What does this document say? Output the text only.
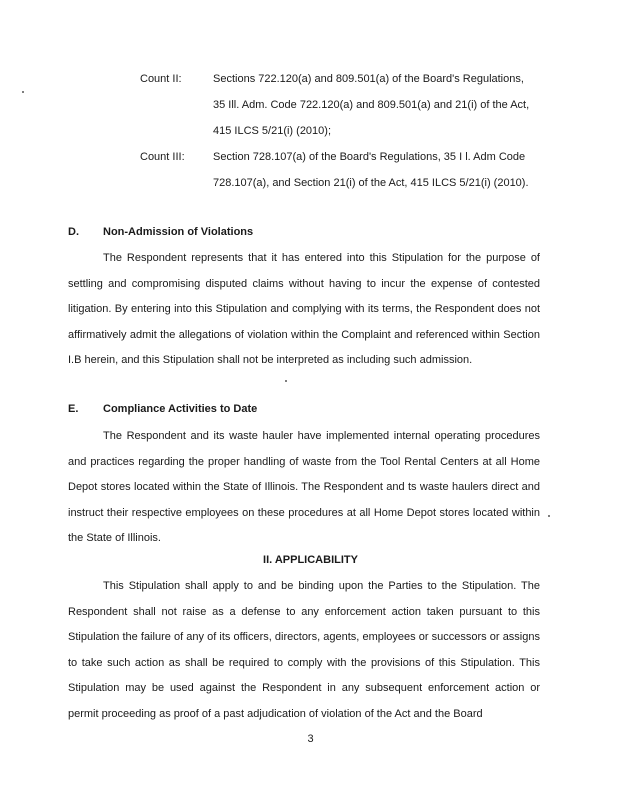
Count II:	Sections 722.120(a) and 809.501(a) of the Board's Regulations,
35 Ill. Adm. Code 722.120(a) and 809.501(a) and 21(i) of the Act,
415 ILCS 5/21(i) (2010);
Count III:	Section 728.107(a) of the Board's Regulations, 35 I l. Adm Code
728.107(a), and Section 21(i) of the Act, 415 ILCS 5/21(i) (2010).
D. Non-Admission of Violations

The Respondent represents that it has entered into this Stipulation for the purpose of settling and compromising disputed claims without having to incur the expense of contested litigation. By entering into this Stipulation and complying with its terms, the Respondent does not affirmatively admit the allegations of violation within the Complaint and referenced within Section I.B herein, and this Stipulation shall not be interpreted as including such admission.

E. Compliance Activities to Date

The Respondent and its waste hauler have implemented internal operating procedures and practices regarding the proper handling of waste from the Tool Rental Centers at all Home Depot stores located within the State of Illinois. The Respondent and ts waste haulers direct and instruct their respective employees on these procedures at all Home Depot stores located within the State of Illinois.

II. APPLICABILITY

This Stipulation shall apply to and be binding upon the Parties to the Stipulation. The Respondent shall not raise as a defense to any enforcement action taken pursuant to this Stipulation the failure of any of its officers, directors, agents, employees or successors or assigns to take such action as shall be required to comply with the provisions of this Stipulation. This Stipulation may be used against the Respondent in any subsequent enforcement action or permit proceeding as proof of a past adjudication of violation of the Act and the Board

3
